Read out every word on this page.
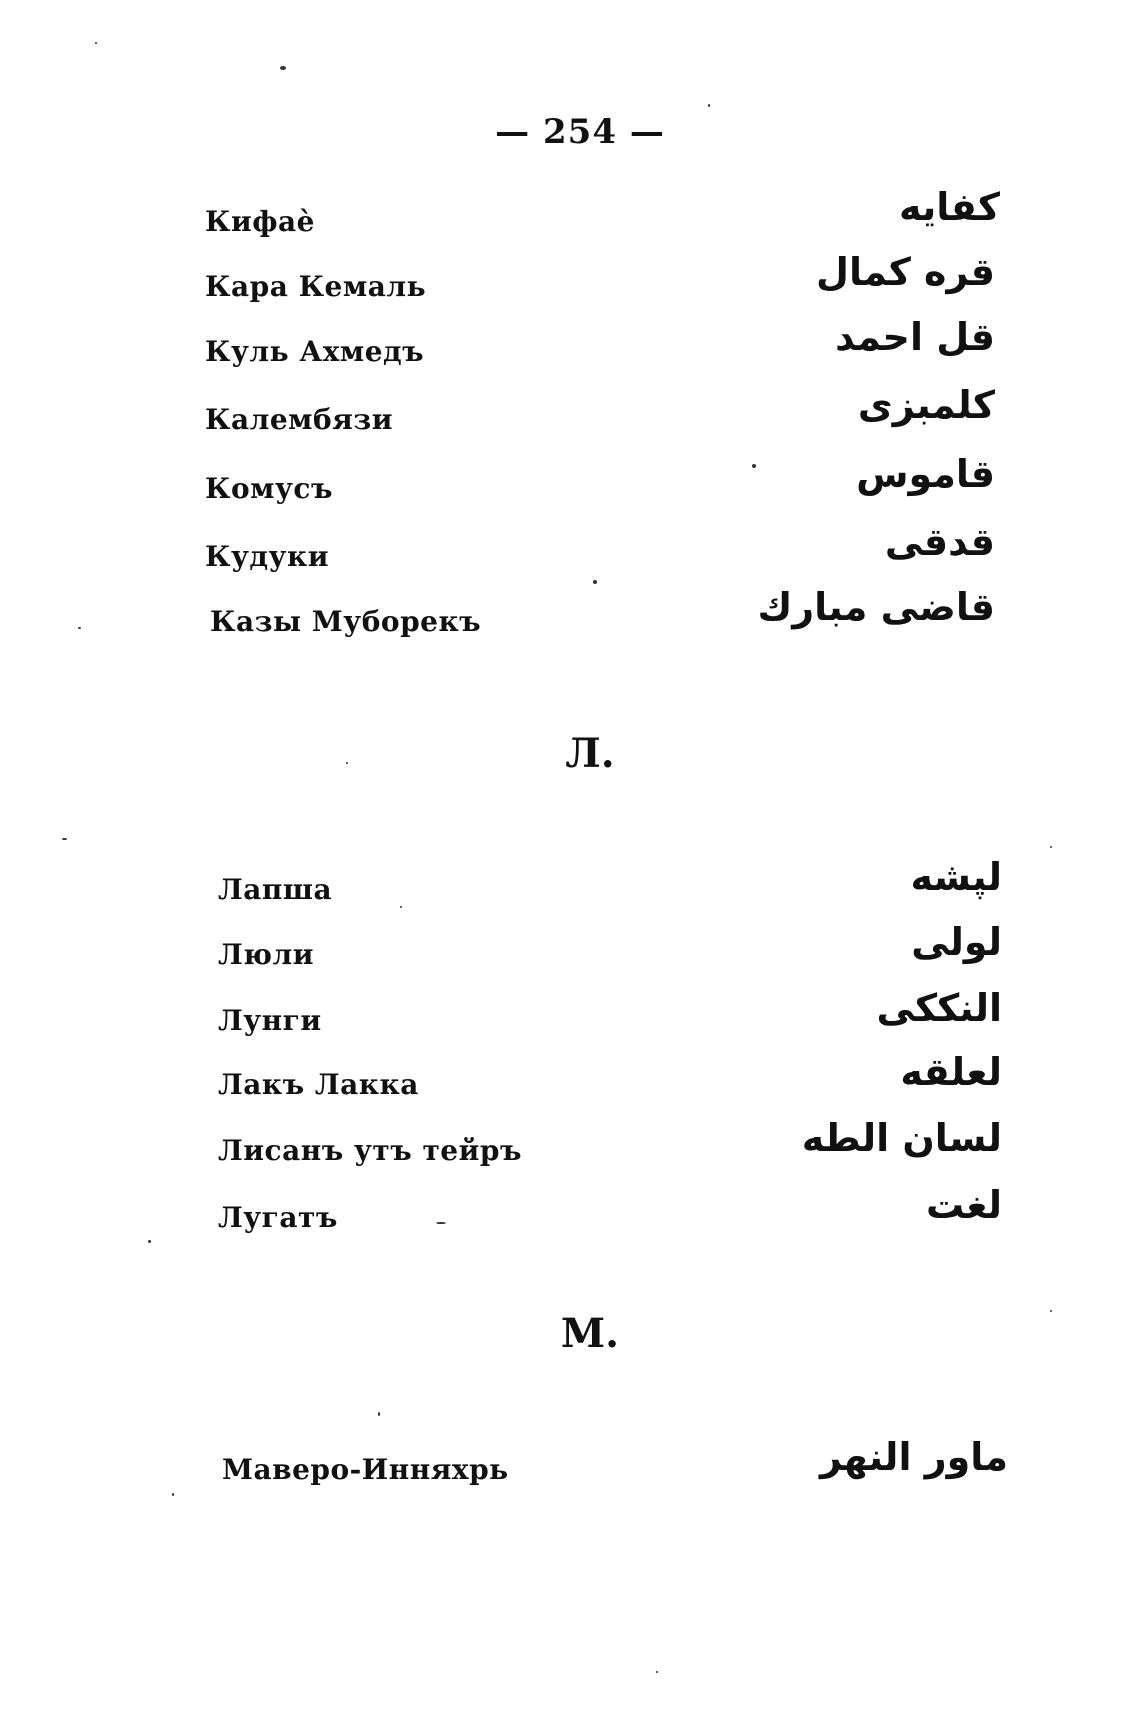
— 254 —
Кифаѐ	كفايه
Кара Кемаль	قره كمال
Куль Ахмедъ	قل احمد
Калембязи	كلمبزى
Комусъ	قاموس
Кудуки	قدقى
Казы Муборекъ	قاضى مبارك
Л.
Лапша	لپشه
Люли	لولى
Лунги	النككى
Лакъ Лакка	لعلقه
Лисанъ утъ тейръ	لسان الطه
Лугатъ	لغت
М.
Маверо-Инняхрь	ماور النهر
